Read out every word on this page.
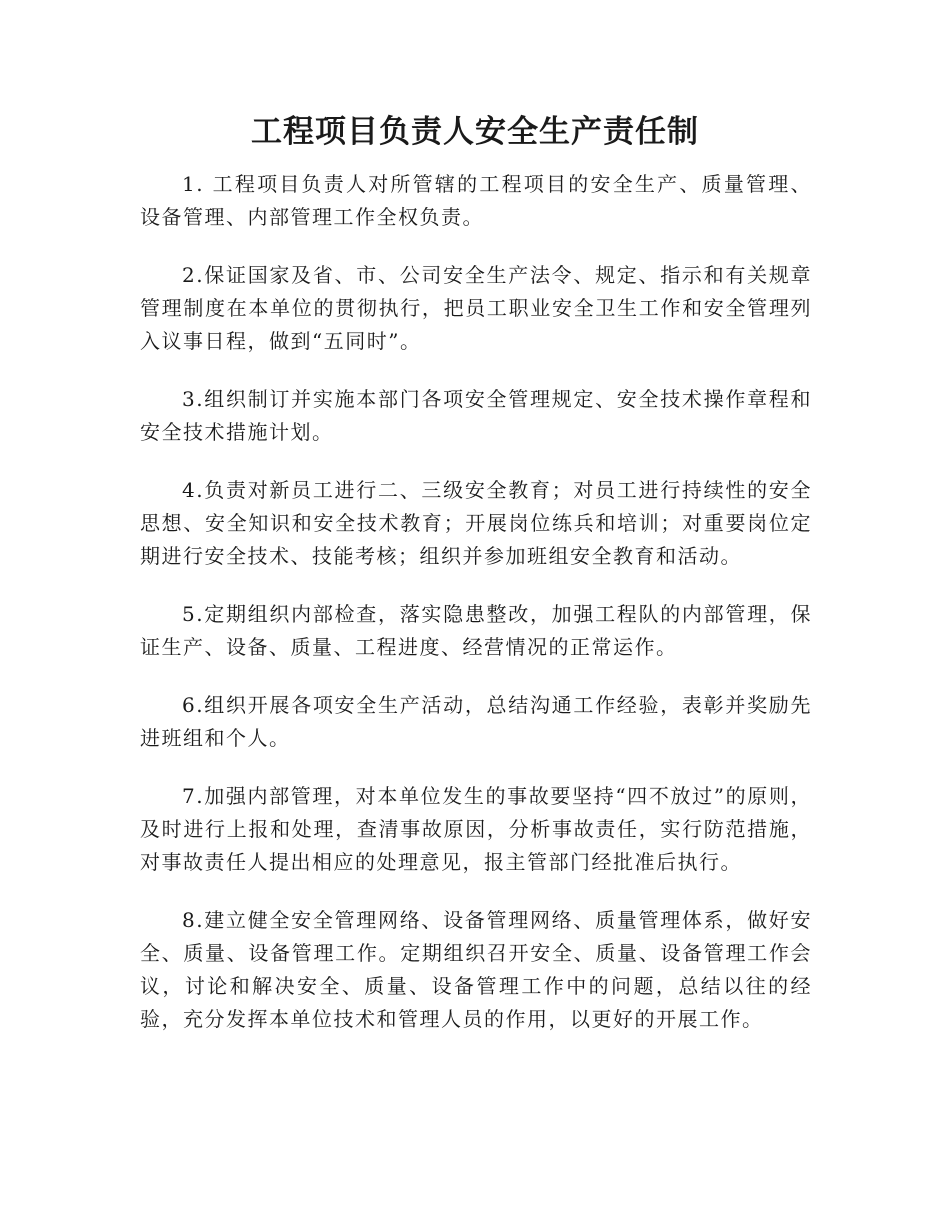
工程项目负责人安全生产责任制

1. 工程项目负责人对所管辖的工程项目的安全生产、质量管理、设备管理、内部管理工作全权负责。

2.保证国家及省、市、公司安全生产法令、规定、指示和有关规章管理制度在本单位的贯彻执行，把员工职业安全卫生工作和安全管理列入议事日程，做到“五同时”。

3.组织制订并实施本部门各项安全管理规定、安全技术操作章程和安全技术措施计划。

4.负责对新员工进行二、三级安全教育；对员工进行持续性的安全思想、安全知识和安全技术教育；开展岗位练兵和培训；对重要岗位定期进行安全技术、技能考核；组织并参加班组安全教育和活动。

5.定期组织内部检查，落实隐患整改，加强工程队的内部管理，保证生产、设备、质量、工程进度、经营情况的正常运作。

6.组织开展各项安全生产活动，总结沟通工作经验，表彰并奖励先进班组和个人。

7.加强内部管理，对本单位发生的事故要坚持“四不放过”的原则，及时进行上报和处理，查清事故原因，分析事故责任，实行防范措施，对事故责任人提出相应的处理意见，报主管部门经批准后执行。

8.建立健全安全管理网络、设备管理网络、质量管理体系，做好安全、质量、设备管理工作。定期组织召开安全、质量、设备管理工作会议，讨论和解决安全、质量、设备管理工作中的问题，总结以往的经验，充分发挥本单位技术和管理人员的作用，以更好的开展工作。
